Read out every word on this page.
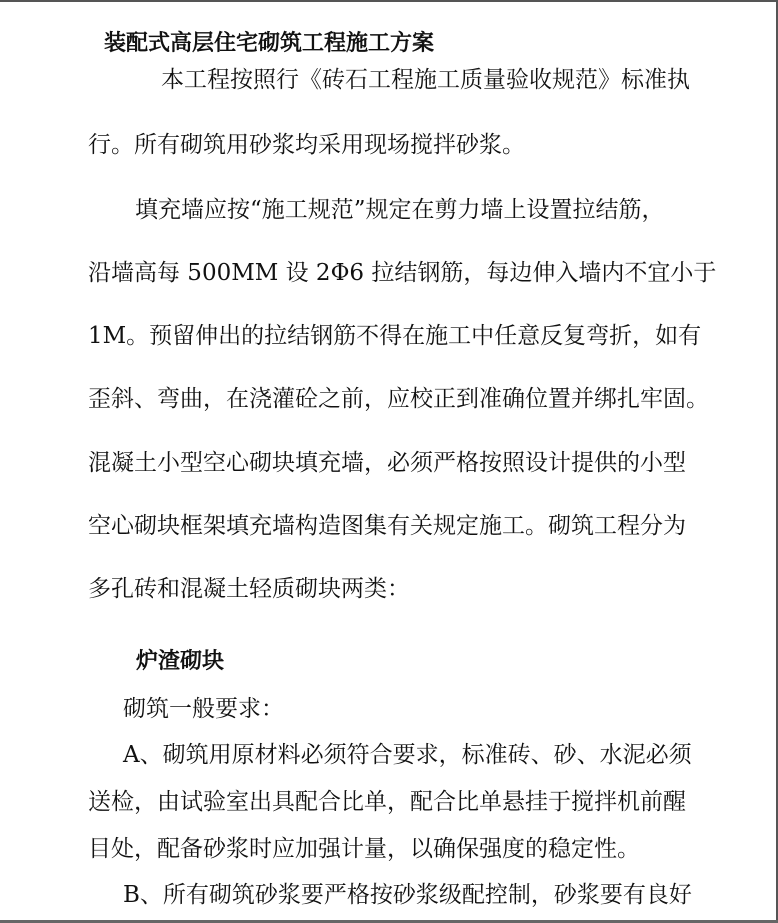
装配式高层住宅砌筑工程施工方案
本工程按照行《砖石工程施工质量验收规范》标准执
行。所有砌筑用砂浆均采用现场搅拌砂浆。
填充墙应按“施工规范”规定在剪力墙上设置拉结筋，
沿墙高每 500MM 设 2Φ6 拉结钢筋，每边伸入墙内不宜小于
1M。预留伸出的拉结钢筋不得在施工中任意反复弯折，如有
歪斜、弯曲，在浇灌砼之前，应校正到准确位置并绑扎牢固。
混凝土小型空心砌块填充墙，必须严格按照设计提供的小型
空心砌块框架填充墙构造图集有关规定施工。砌筑工程分为
多孔砖和混凝土轻质砌块两类：
炉渣砌块
砌筑一般要求：
A、砌筑用原材料必须符合要求，标准砖、砂、水泥必须
送检，由试验室出具配合比单，配合比单悬挂于搅拌机前醒
目处，配备砂浆时应加强计量，以确保强度的稳定性。
B、所有砌筑砂浆要严格按砂浆级配控制，砂浆要有良好
